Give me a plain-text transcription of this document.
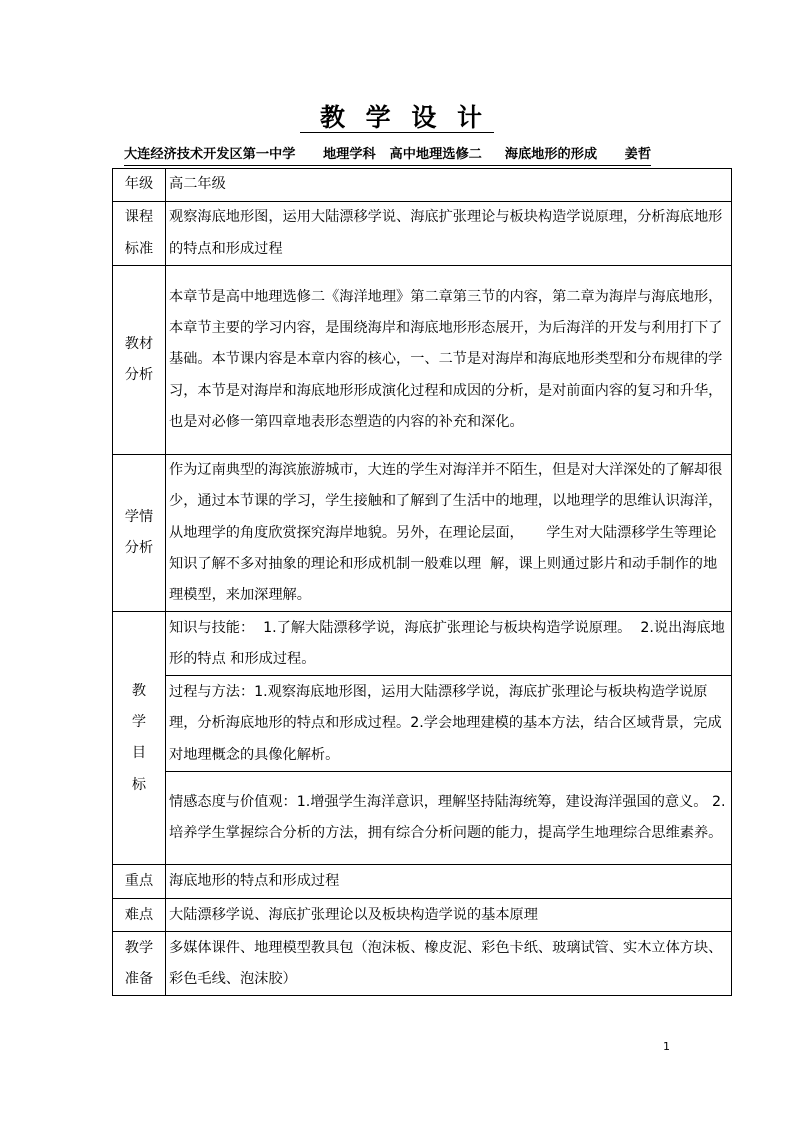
教 学 设 计
大连经济技术开发区第一中学      地理学科   高中地理选修二     海底地形的形成      姜哲
年级	高二年级

课程
标准	观察海底地形图，运用大陆漂移学说、海底扩张理论与板块构造学说原理，分析海底地形的特点和形成过程

教材
分析	本章节是高中地理选修二《海洋地理》第二章第三节的内容，第二章为海岸与海底地形，本章节主要的学习内容，是围绕海岸和海底地形形态展开，为后海洋的开发与利用打下了基础。本节课内容是本章内容的核心，一、二节是对海岸和海底地形类型和分布规律的学习，本节是对海岸和海底地形形成演化过程和成因的分析，是对前面内容的复习和升华，也是对必修一第四章地表形态塑造的内容的补充和深化。

学情
分析	作为辽南典型的海滨旅游城市，大连的学生对海洋并不陌生，但是对大洋深处的了解却很少，通过本节课的学习，学生接触和了解到了生活中的地理，以地理学的思维认识海洋，从地理学的角度欣赏探究海岸地貌。另外，在理论层面，     学生对大陆漂移学生等理论知识了解不多对抽象的理论和形成机制一般难以理  解，课上则通过影片和动手制作的地理模型，来加深理解。

教
学
目
标	知识与技能：  1.了解大陆漂移学说，海底扩张理论与板块构造学说原理。  2.说出海底地形的特点 和形成过程。
	过程与方法：1.观察海底地形图，运用大陆漂移学说，海底扩张理论与板块构造学说原理，分析海底地形的特点和形成过程。2.学会地理建模的基本方法，结合区域背景，完成对地理概念的具像化解析。
	情感态度与价值观：1.增强学生海洋意识，理解坚持陆海统筹，建设海洋强国的意义。 2.培养学生掌握综合分析的方法，拥有综合分析问题的能力，提高学生地理综合思维素养。
重点	海底地形的特点和形成过程
难点	大陆漂移学说、海底扩张理论以及板块构造学说的基本原理

教学
准备	多媒体课件、地理模型教具包（泡沫板、橡皮泥、彩色卡纸、玻璃试管、实木立体方块、彩色毛线、泡沫胶）
1
